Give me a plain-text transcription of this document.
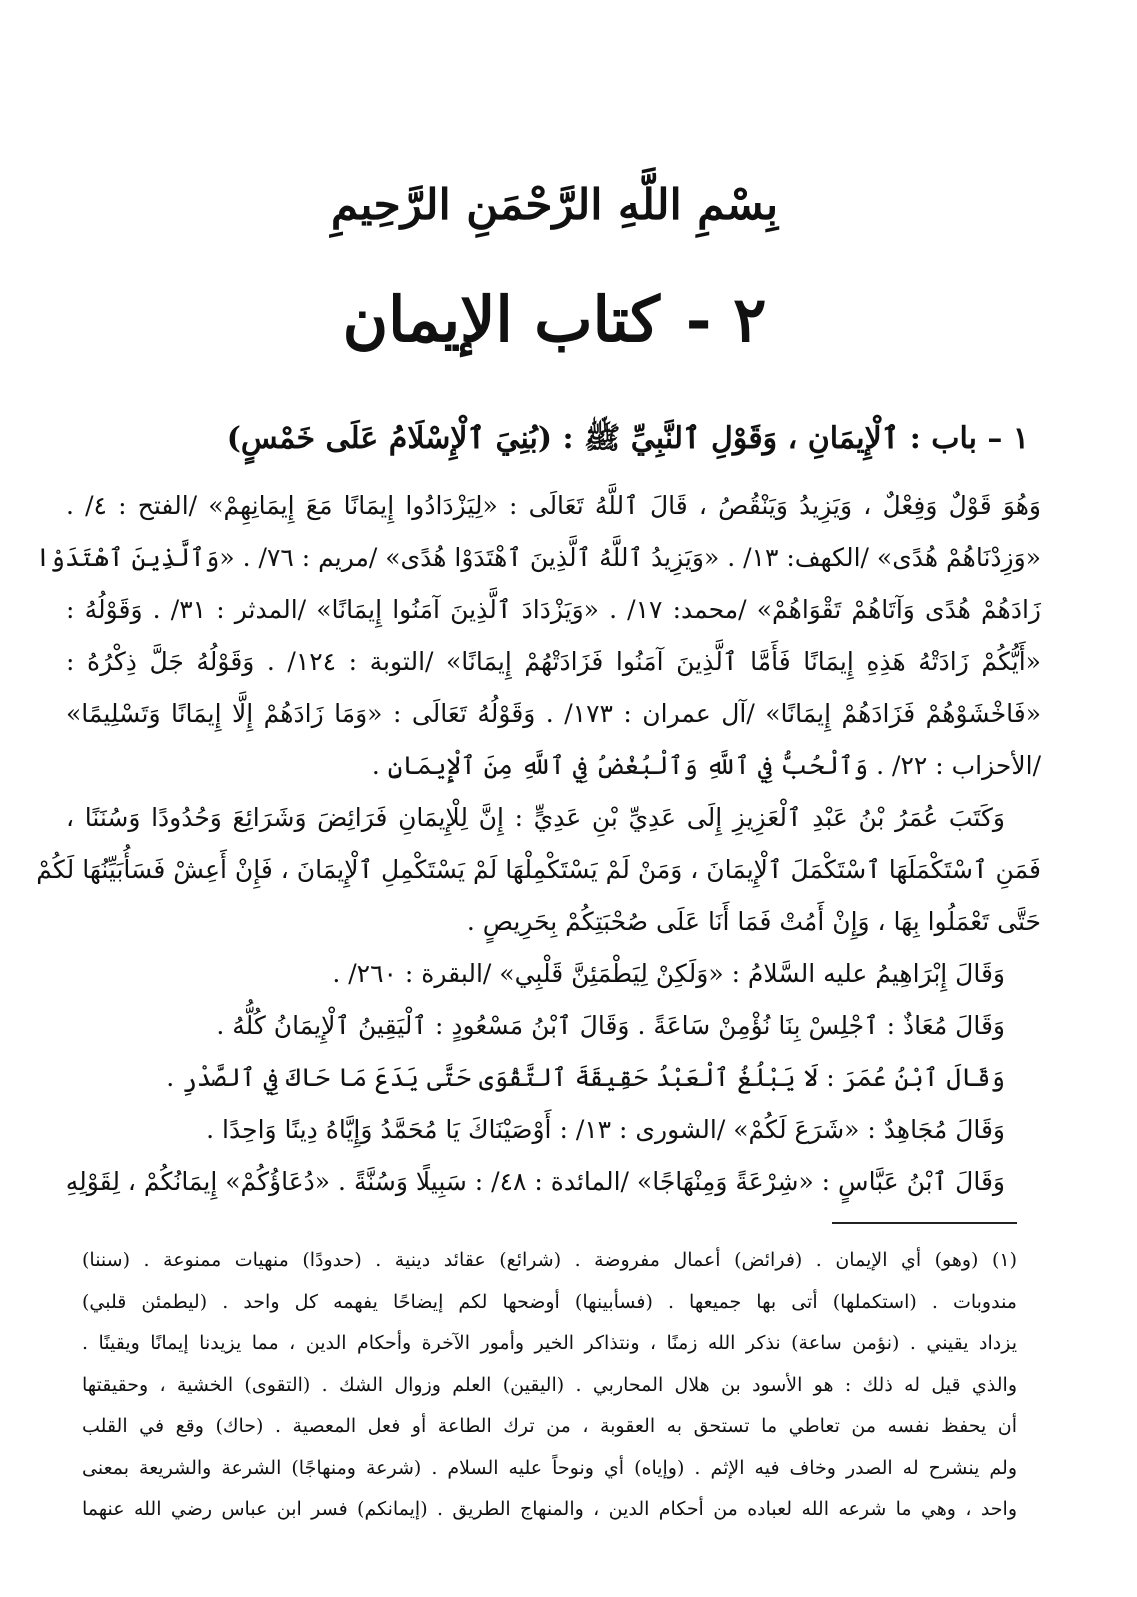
بِسْمِ اللَّهِ الرَّحْمَنِ الرَّحِيمِ
٢ -كتاب الإيمان
١ – باب : ٱلْإِيمَانِ ، وَقَوْلِ ٱلنَّبِيِّ ﷺ : (بُنِيَ ٱلْإِسْلَامُ عَلَى خَمْسٍ)
وَهُوَ قَوْلٌ وَفِعْلٌ ، وَيَزِيدُ وَيَنْقُصُ ، قَالَ ٱللَّهُ تَعَالَى : «لِيَزْدَادُوا إِيمَانًا مَعَ إِيمَانِهِمْ» /الفتح : ٤/ .
«وَزِدْنَاهُمْ هُدًى» /الكهف: ١٣/ . «وَيَزِيدُ ٱللَّهُ ٱلَّذِينَ ٱهْتَدَوْا هُدًى» /مريم : ٧٦/ . «وَٱلَّذِينَ ٱهْتَدَوْا
زَادَهُمْ هُدًى وَآتَاهُمْ تَقْوَاهُمْ» /محمد: ١٧/ . «وَيَزْدَادَ ٱلَّذِينَ آمَنُوا إِيمَانًا» /المدثر : ٣١/ . وَقَوْلُهُ :
«أَيُّكُمْ زَادَتْهُ هَذِهِ إِيمَانًا فَأَمَّا ٱلَّذِينَ آمَنُوا فَزَادَتْهُمْ إِيمَانًا» /التوبة : ١٢٤/ . وَقَوْلُهُ جَلَّ ذِكْرُهُ :
«فَاخْشَوْهُمْ فَزَادَهُمْ إِيمَانًا» /آل عمران : ١٧٣/ . وَقَوْلُهُ تَعَالَى : «وَمَا زَادَهُمْ إِلَّا إِيمَانًا وَتَسْلِيمًا»
/الأحزاب : ٢٢/ . وَٱلْحُبُّ فِي ٱللَّهِ وَٱلْبُغْضُ فِي ٱللَّهِ مِنَ ٱلْإِيمَانِ .
وَكَتَبَ عُمَرُ بْنُ عَبْدِ ٱلْعَزِيزِ إِلَى عَدِيِّ بْنِ عَدِيٍّ : إِنَّ لِلْإِيمَانِ فَرَائِضَ وَشَرَائِعَ وَحُدُودًا وَسُنَنًا ،
فَمَنِ ٱسْتَكْمَلَهَا ٱسْتَكْمَلَ ٱلْإِيمَانَ ، وَمَنْ لَمْ يَسْتَكْمِلْهَا لَمْ يَسْتَكْمِلِ ٱلْإِيمَانَ ، فَإِنْ أَعِشْ فَسَأُبَيِّنُهَا لَكُمْ
حَتَّى تَعْمَلُوا بِهَا ، وَإِنْ أَمُتْ فَمَا أَنَا عَلَى صُحْبَتِكُمْ بِحَرِيصٍ .
وَقَالَ إِبْرَاهِيمُ عليه السَّلامُ : «وَلَكِنْ لِيَطْمَئِنَّ قَلْبِي» /البقرة : ٢٦٠/ .
وَقَالَ مُعَاذٌ : ٱجْلِسْ بِنَا نُؤْمِنْ سَاعَةً . وَقَالَ ٱبْنُ مَسْعُودٍ : ٱلْيَقِينُ ٱلْإِيمَانُ كُلُّهُ .
وَقَالَ ٱبْنُ عُمَرَ : لَا يَبْلُغُ ٱلْعَبْدُ حَقِيقَةَ ٱلتَّقْوَى حَتَّى يَدَعَ مَا حَاكَ فِي ٱلصَّدْرِ .
وَقَالَ مُجَاهِدٌ : «شَرَعَ لَكُمْ» /الشورى : ١٣/ : أَوْصَيْنَاكَ يَا مُحَمَّدُ وَإِيَّاهُ دِينًا وَاحِدًا .
وَقَالَ ٱبْنُ عَبَّاسٍ : «شِرْعَةً وَمِنْهَاجًا» /المائدة : ٤٨/ : سَبِيلًا وَسُنَّةً . «دُعَاؤُكُمْ» إِيمَانُكُمْ ، لِقَوْلِهِ
(١) (وهو) أي الإيمان . (فرائض) أعمال مفروضة . (شرائع) عقائد دينية . (حدودًا) منهيات ممنوعة . (سننا)
مندوبات . (استكملها) أتى بها جميعها . (فسأبينها) أوضحها لكم إيضاحًا يفهمه كل واحد . (ليطمئن قلبي)
يزداد يقيني . (نؤمن ساعة) نذكر الله زمنًا ، ونتذاكر الخير وأمور الآخرة وأحكام الدين ، مما يزيدنا إيمانًا ويقينًا .
والذي قيل له ذلك : هو الأسود بن هلال المحاربي . (اليقين) العلم وزوال الشك . (التقوى) الخشية ، وحقيقتها
أن يحفظ نفسه من تعاطي ما تستحق به العقوبة ، من ترك الطاعة أو فعل المعصية . (حاك) وقع في القلب
ولم ينشرح له الصدر وخاف فيه الإثم . (وإياه) أي ونوحاً عليه السلام . (شرعة ومنهاجًا) الشرعة والشريعة بمعنى
واحد ، وهي ما شرعه الله لعباده من أحكام الدين ، والمنهاج الطريق . (إيمانكم) فسر ابن عباس رضي الله عنهما
